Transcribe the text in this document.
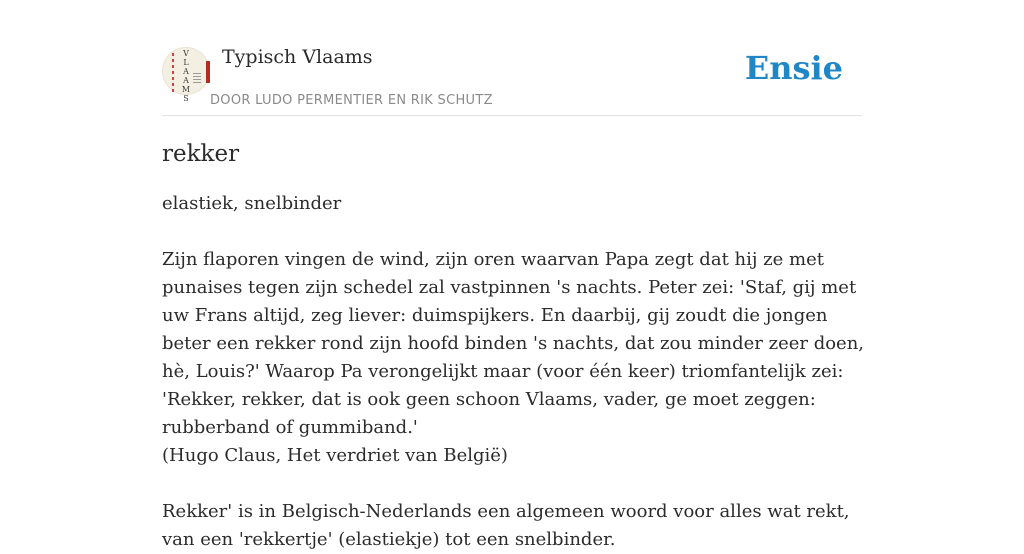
V
L
A
A
M
S
Typisch Vlaams
DOOR LUDO PERMENTIER EN RIK SCHUTZ
Ensie
rekker

elastiek, snelbinder

Zijn flaporen vingen de wind, zijn oren waarvan Papa zegt dat hij ze met punaises tegen zijn schedel zal vastpinnen 's nachts. Peter zei: 'Staf, gij met uw Frans altijd, zeg liever: duimspijkers. En daarbij, gij zoudt die jongen beter een rekker rond zijn hoofd binden 's nachts, dat zou minder zeer doen, hè, Louis?' Waarop Pa verongelijkt maar (voor één keer) triomfantelijk zei: 'Rekker, rekker, dat is ook geen schoon Vlaams, vader, ge moet zeggen: rubberband of gummiband.'
(Hugo Claus, Het verdriet van België)

Rekker' is in Belgisch-Nederlands een algemeen woord voor alles wat rekt, van een 'rekkertje' (elastiekje) tot een snelbinder.
